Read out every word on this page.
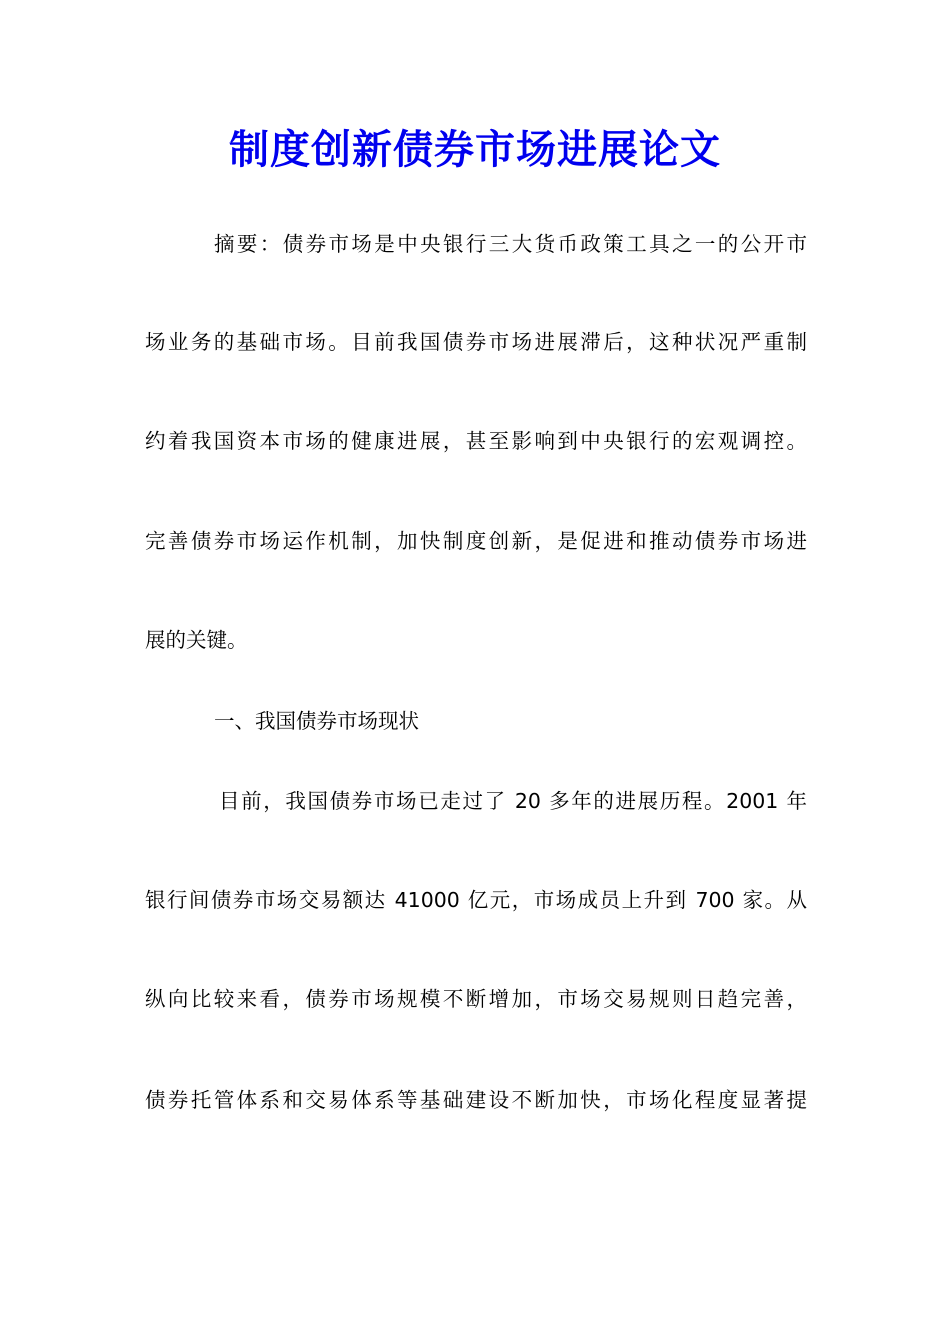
制度创新债券市场进展论文
摘要：债券市场是中央银行三大货币政策工具之一的公开市
场业务的基础市场。目前我国债券市场进展滞后，这种状况严重制
约着我国资本市场的健康进展，甚至影响到中央银行的宏观调控。
完善债券市场运作机制，加快制度创新，是促进和推动债券市场进
展的关键。
一、我国债券市场现状
目前，我国债券市场已走过了 20 多年的进展历程。2001 年
银行间债券市场交易额达 41000 亿元，市场成员上升到 700 家。从
纵向比较来看，债券市场规模不断增加，市场交易规则日趋完善，
债券托管体系和交易体系等基础建设不断加快，市场化程度显著提
